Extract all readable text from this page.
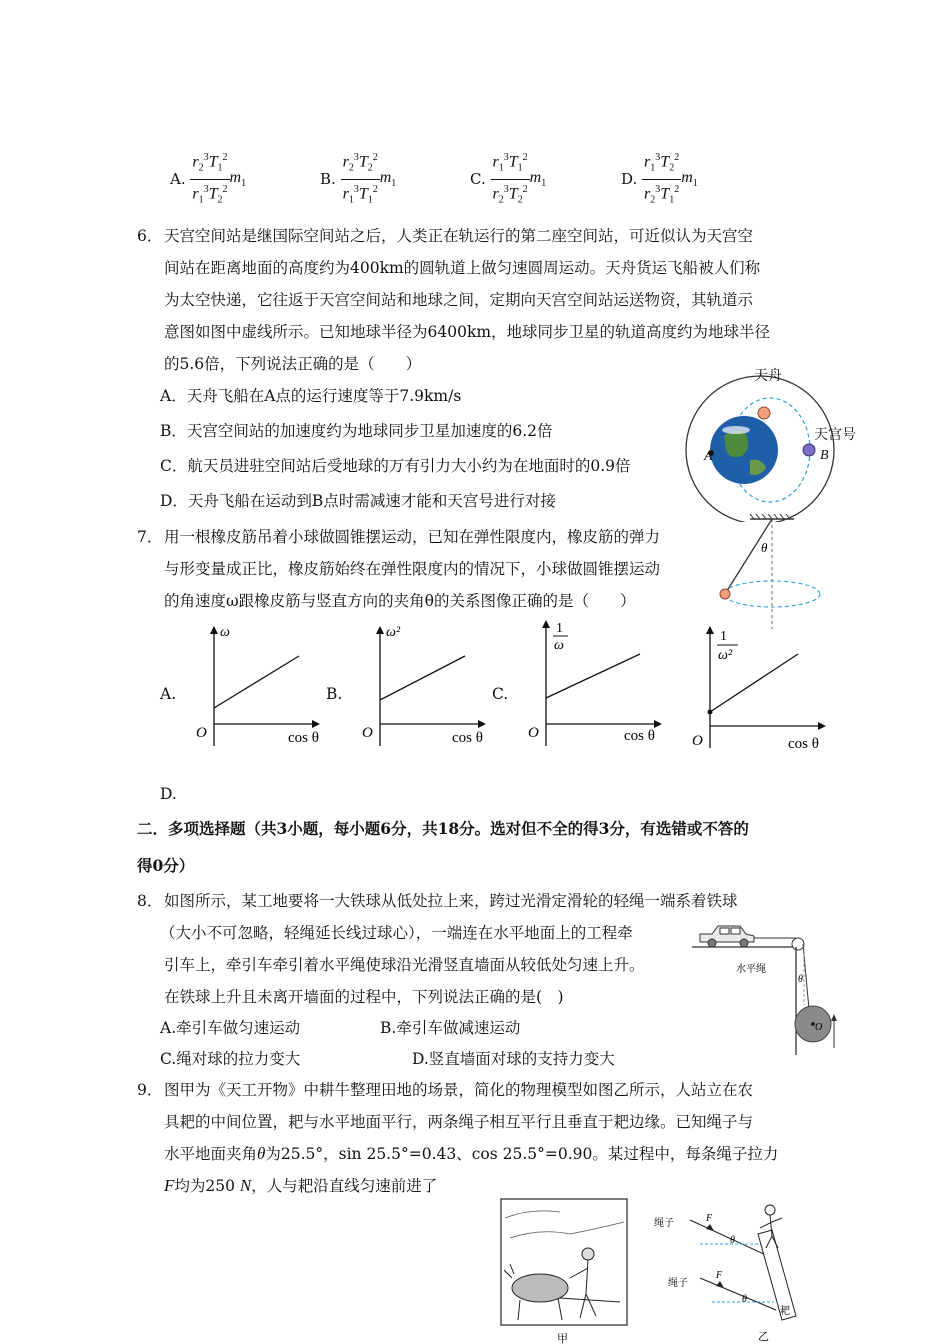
A. $\frac{r_2^3T_1^2}{r_1^3T_2^2} m_1$	B. $\frac{r_2^3T_2^2}{r_1^3T_1^2} m_1$	C. $\frac{r_1^3T_1^2}{r_2^3T_2^2} m_1$	D. $\frac{r_1^3T_2^2}{r_2^3T_1^2} m_1$
6． 天宫空间站是继国际空间站之后，人类正在轨运行的第二座空间站，可近似认为天宫空
间站在距离地面的高度约为400km的圆轨道上做匀速圆周运动。天舟货运飞船被人们称
为太空快递，它往返于天宫空间站和地球之间，定期向天宫空间站运送物资，其轨道示
意图如图中虚线所示。已知地球半径为6400km，地球同步卫星的轨道高度约为地球半径
的5.6倍，下列说法正确的是（　　）
A．天舟飞船在A点的运行速度等于7.9km/s
B．天宫空间站的加速度约为地球同步卫星加速度的6.2倍
C．航天员进驻空间站后受地球的万有引力大小约为在地面时的0.9倍
D．天舟飞船在运动到B点时需减速才能和天宫号进行对接
天舟
天宫号
A	B
7． 用一根橡皮筋吊着小球做圆锥摆运动，已知在弹性限度内，橡皮筋的弹力
与形变量成正比，橡皮筋始终在弹性限度内的情况下，小球做圆锥摆运动
的角速度ω跟橡皮筋与竖直方向的夹角θ的关系图像正确的是（　　）
θ
A.
ω
O	cos θ
B.
ω²
O	cos θ
C.
1
ω
O	cos θ
1
ω²
O	cos θ
D.
二．多项选择题（共3小题，每小题6分，共18分。选对但不全的得3分，有选错或不答的
得0分）
8． 如图所示，某工地要将一大铁球从低处拉上来，跨过光滑定滑轮的轻绳一端系着铁球
（大小不可忽略，轻绳延长线过球心），一端连在水平地面上的工程牵
引车上，牵引车牵引着水平绳使球沿光滑竖直墙面从较低处匀速上升。
在铁球上升且未离开墙面的过程中，下列说法正确的是(　)
A.牵引车做匀速运动	B.牵引车做减速运动
C.绳对球的拉力变大	D.竖直墙面对球的支持力变大
水平绳
θ
O
9． 图甲为《天工开物》中耕牛整理田地的场景，简化的物理模型如图乙所示，人站立在农
具耙的中间位置，耙与水平地面平行，两条绳子相互平行且垂直于耙边缘。已知绳子与
水平地面夹角θ为25.5°，sin 25.5°=0.43、cos 25.5°=0.90。某过程中，每条绳子拉力
F均为250 N，人与耙沿直线匀速前进了
甲
绳子	F
θ
绳子
F
θ
耙
乙
